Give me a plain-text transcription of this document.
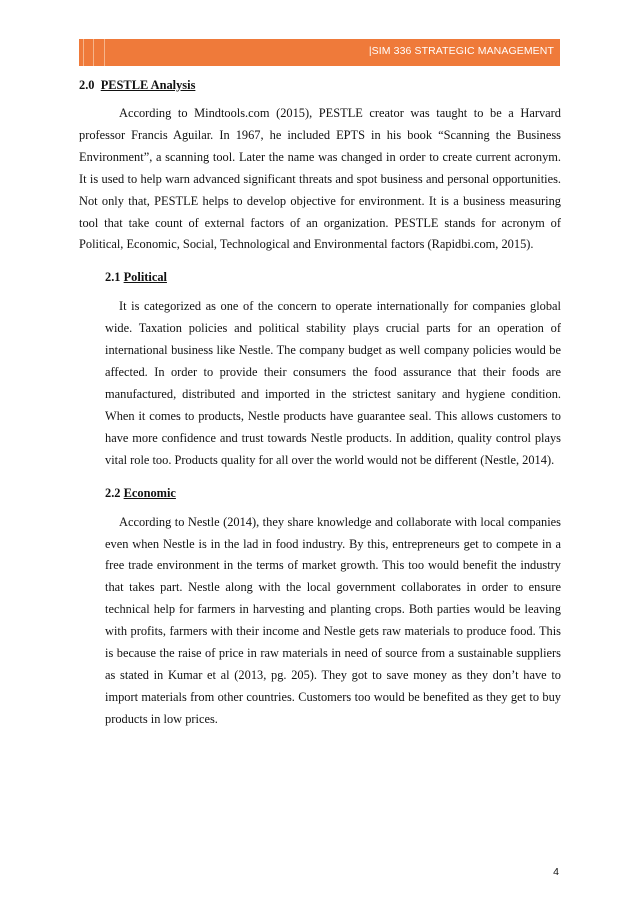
|SIM 336 STRATEGIC MANAGEMENT
2.0 PESTLE Analysis

According to Mindtools.com (2015), PESTLE creator was taught to be a Harvard professor Francis Aguilar. In 1967, he included EPTS in his book “Scanning the Business Environment”, a scanning tool. Later the name was changed in order to create current acronym. It is used to help warn advanced significant threats and spot business and personal opportunities. Not only that, PESTLE helps to develop objective for environment. It is a business measuring tool that take count of external factors of an organization. PESTLE stands for acronym of Political, Economic, Social, Technological and Environmental factors (Rapidbi.com, 2015).

2.1 Political

It is categorized as one of the concern to operate internationally for companies global wide. Taxation policies and political stability plays crucial parts for an operation of international business like Nestle. The company budget as well company policies would be affected. In order to provide their consumers the food assurance that their foods are manufactured, distributed and imported in the strictest sanitary and hygiene condition. When it comes to products, Nestle products have guarantee seal. This allows customers to have more confidence and trust towards Nestle products. In addition, quality control plays vital role too. Products quality for all over the world would not be different (Nestle, 2014).

2.2 Economic

According to Nestle (2014), they share knowledge and collaborate with local companies even when Nestle is in the lad in food industry. By this, entrepreneurs get to compete in a free trade environment in the terms of market growth. This too would benefit the industry that takes part. Nestle along with the local government collaborates in order to ensure technical help for farmers in harvesting and planting crops. Both parties would be leaving with profits, farmers with their income and Nestle gets raw materials to produce food. This is because the raise of price in raw materials in need of source from a sustainable suppliers as stated in Kumar et al (2013, pg. 205). They got to save money as they don’t have to import materials from other countries. Customers too would be benefited as they get to buy products in low prices.

4
